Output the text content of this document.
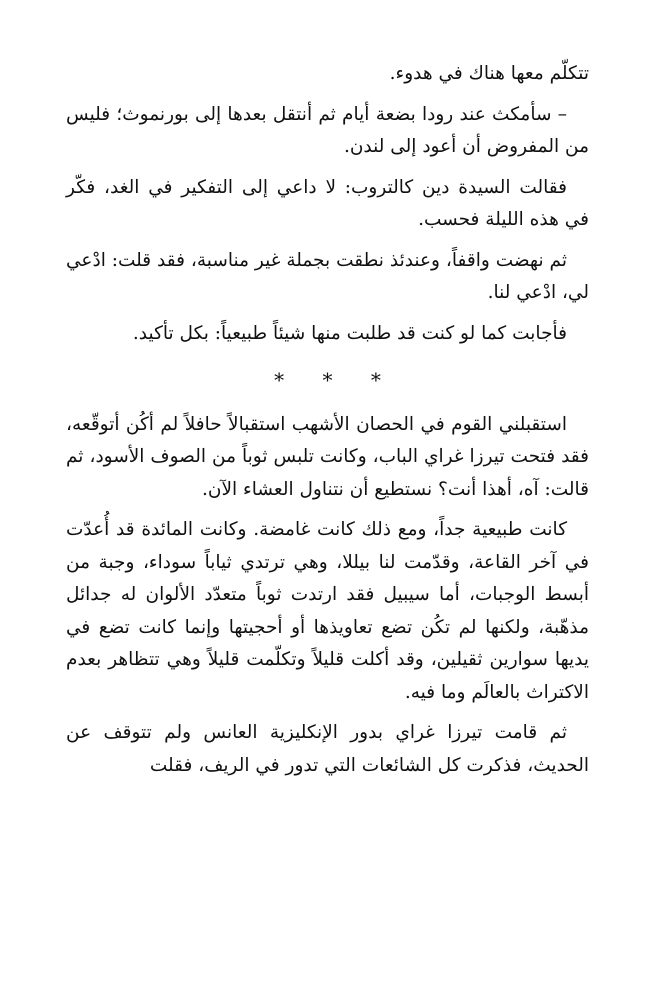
تتكلّم معها هناك في هدوء.

– سأمكث عند رودا بضعة أيام ثم أنتقل بعدها إلى بورنموث؛ فليس من المفروض أن أعود إلى لندن.

فقالت السيدة دين كالتروب: لا داعي إلى التفكير في الغد، فكّر في هذه الليلة فحسب.

ثم نهضت واقفاً، وعندئذ نطقت بجملة غير مناسبة، فقد قلت: ادْعي لي، ادْعي لنا.

فأجابت كما لو كنت قد طلبت منها شيئاً طبيعياً: بكل تأكيد.

* * *

استقبلني القوم في الحصان الأشهب استقبالاً حافلاً لم أكُن أتوقّعه، فقد فتحت تيرزا غراي الباب، وكانت تلبس ثوباً من الصوف الأسود، ثم قالت: آه، أهذا أنت؟ نستطيع أن نتناول العشاء الآن.

كانت طبيعية جداً، ومع ذلك كانت غامضة. وكانت المائدة قد أُعدّت في آخر القاعة، وقدّمت لنا بيللا، وهي ترتدي ثياباً سوداء، وجبة من أبسط الوجبات، أما سيبيل فقد ارتدت ثوباً متعدّد الألوان له جدائل مذهّبة، ولكنها لم تكُن تضع تعاويذها أو أحجيتها وإنما كانت تضع في يديها سوارين ثقيلين، وقد أكلت قليلاً وتكلّمت قليلاً وهي تتظاهر بعدم الاكتراث بالعالَم وما فيه.

ثم قامت تيرزا غراي بدور الإنكليزية العانس ولم تتوقف عن الحديث، فذكرت كل الشائعات التي تدور في الريف، فقلت
